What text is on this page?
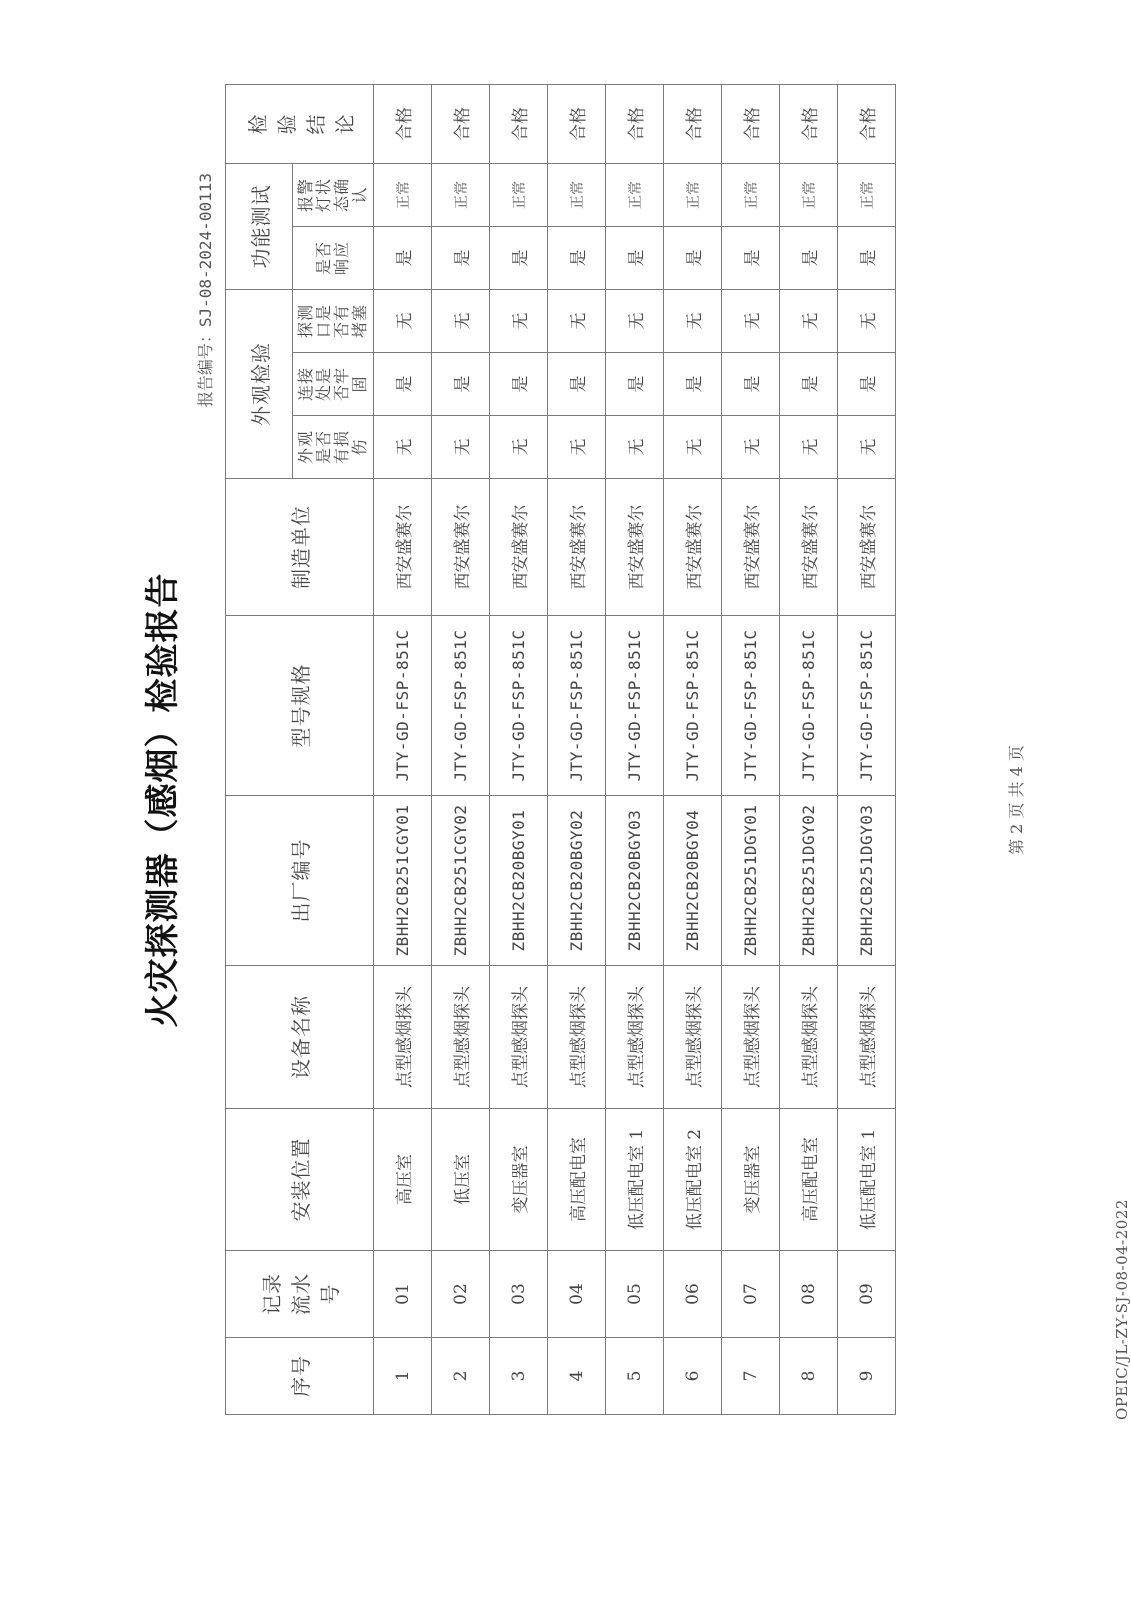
火灾探测器（感烟）检验报告
报告编号：SJ-08-2024-00113
序号	记录流水号	安装位置	设备名称	出厂编号	型号规格	制造单位	外观检验			功能测试		检验结论
							外观是否有损伤	连接处是否牢固	探测口是否有堵塞	是否响应	报警灯状态确认	
1	01	高压室	点型感烟探头	ZBHH2CB251CGY01	JTY-GD-FSP-851C	西安盛赛尔	无	是	无	是	正常	合格
2	02	低压室	点型感烟探头	ZBHH2CB251CGY02	JTY-GD-FSP-851C	西安盛赛尔	无	是	无	是	正常	合格
3	03	变压器室	点型感烟探头	ZBHH2CB20BGY01	JTY-GD-FSP-851C	西安盛赛尔	无	是	无	是	正常	合格
4	04	高压配电室	点型感烟探头	ZBHH2CB20BGY02	JTY-GD-FSP-851C	西安盛赛尔	无	是	无	是	正常	合格
5	05	低压配电室 1	点型感烟探头	ZBHH2CB20BGY03	JTY-GD-FSP-851C	西安盛赛尔	无	是	无	是	正常	合格
6	06	低压配电室 2	点型感烟探头	ZBHH2CB20BGY04	JTY-GD-FSP-851C	西安盛赛尔	无	是	无	是	正常	合格
7	07	变压器室	点型感烟探头	ZBHH2CB251DGY01	JTY-GD-FSP-851C	西安盛赛尔	无	是	无	是	正常	合格
8	08	高压配电室	点型感烟探头	ZBHH2CB251DGY02	JTY-GD-FSP-851C	西安盛赛尔	无	是	无	是	正常	合格
9	09	低压配电室 1	点型感烟探头	ZBHH2CB251DGY03	JTY-GD-FSP-851C	西安盛赛尔	无	是	无	是	正常	合格
第 2 页 共 4 页
OPEIC/JL-ZY-SJ-08-04-2022
